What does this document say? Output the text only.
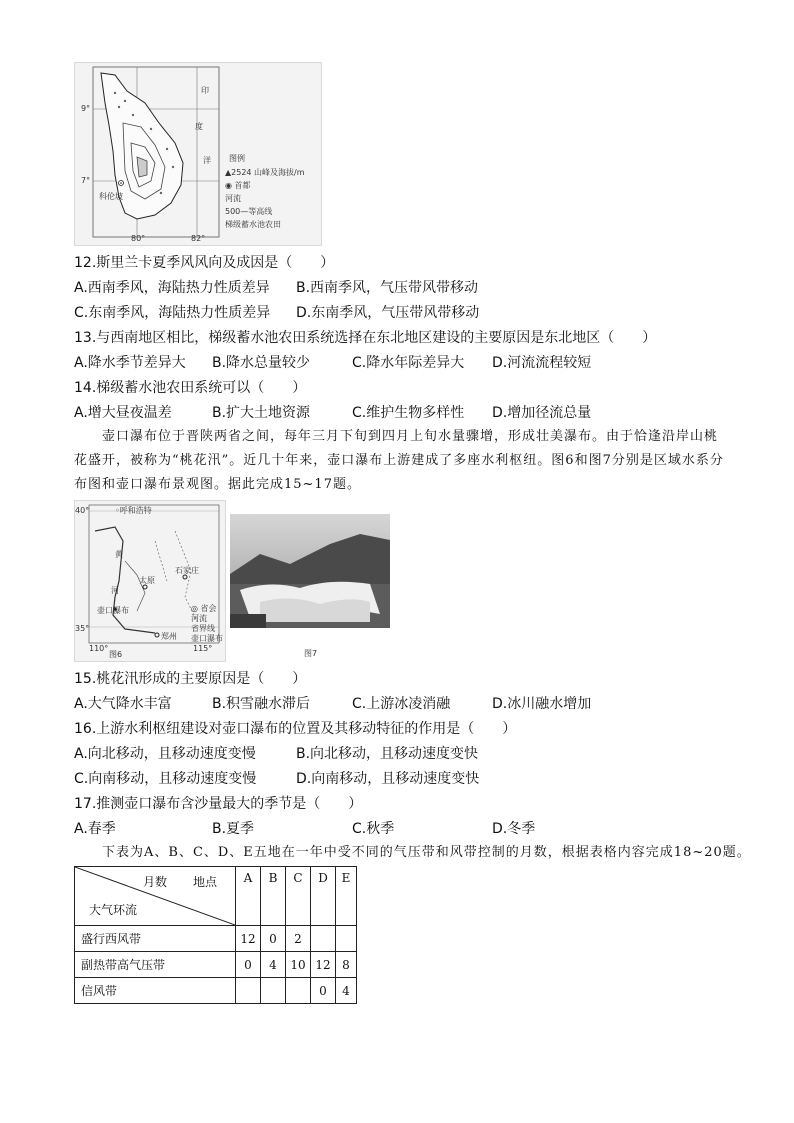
9°
7°
80°	82°
印
度
洋
科伦坡
图例
▲2524 山峰及海拔/m
◉ 首都
河流
500—等高线
梯级蓄水池农田
12.斯里兰卡夏季风风向及成因是（　　）
A.西南季风，海陆热力性质差异 B.西南季风，气压带风带移动
C.东南季风，海陆热力性质差异 D.东南季风，气压带风带移动
13.与西南地区相比，梯级蓄水池农田系统选择在东北地区建设的主要原因是东北地区（　　）
A.降水季节差异大 B.降水总量较少	C.降水年际差异大 D.河流流程较短
14.梯级蓄水池农田系统可以（　　）
A.增大昼夜温差	B.扩大土地资源	C.维护生物多样性 D.增加径流总量
壶口瀑布位于晋陕两省之间，每年三月下旬到四月上旬水量骤增，形成壮美瀑布。由于恰逢沿岸山桃花盛开，被称为“桃花汛”。近几十年来，壶口瀑布上游建成了多座水利枢纽。图6和图7分别是区域水系分布图和壶口瀑布景观图。据此完成15~17题。
40°
35°
110°	115°
◦呼和浩特
太原
石家庄
壶口瀑布
郑州
黄
河
◎ 省会
河流
省界线
壶口瀑布
图6	图7
15.桃花汛形成的主要原因是（　　）
A.大气降水丰富	B.积雪融水滞后	C.上游冰凌消融	D.冰川融水增加
16.上游水利枢纽建设对壶口瀑布的位置及其移动特征的作用是（　　）
A.向北移动，且移动速度变慢	B.向北移动，且移动速度变快
C.向南移动，且移动速度变慢	D.向南移动，且移动速度变快
17.推测壶口瀑布含沙量最大的季节是（　　）
A.春季	B.夏季	C.秋季	D.冬季
下表为A、B、C、D、E五地在一年中受不同的气压带和风带控制的月数，根据表格内容完成18~20题。
月数 地点
大气环流	A	B	C	D	E
盛行西风带	12	0	2		
副热带高气压带	0	4	10	12	8
信风带				0	4
